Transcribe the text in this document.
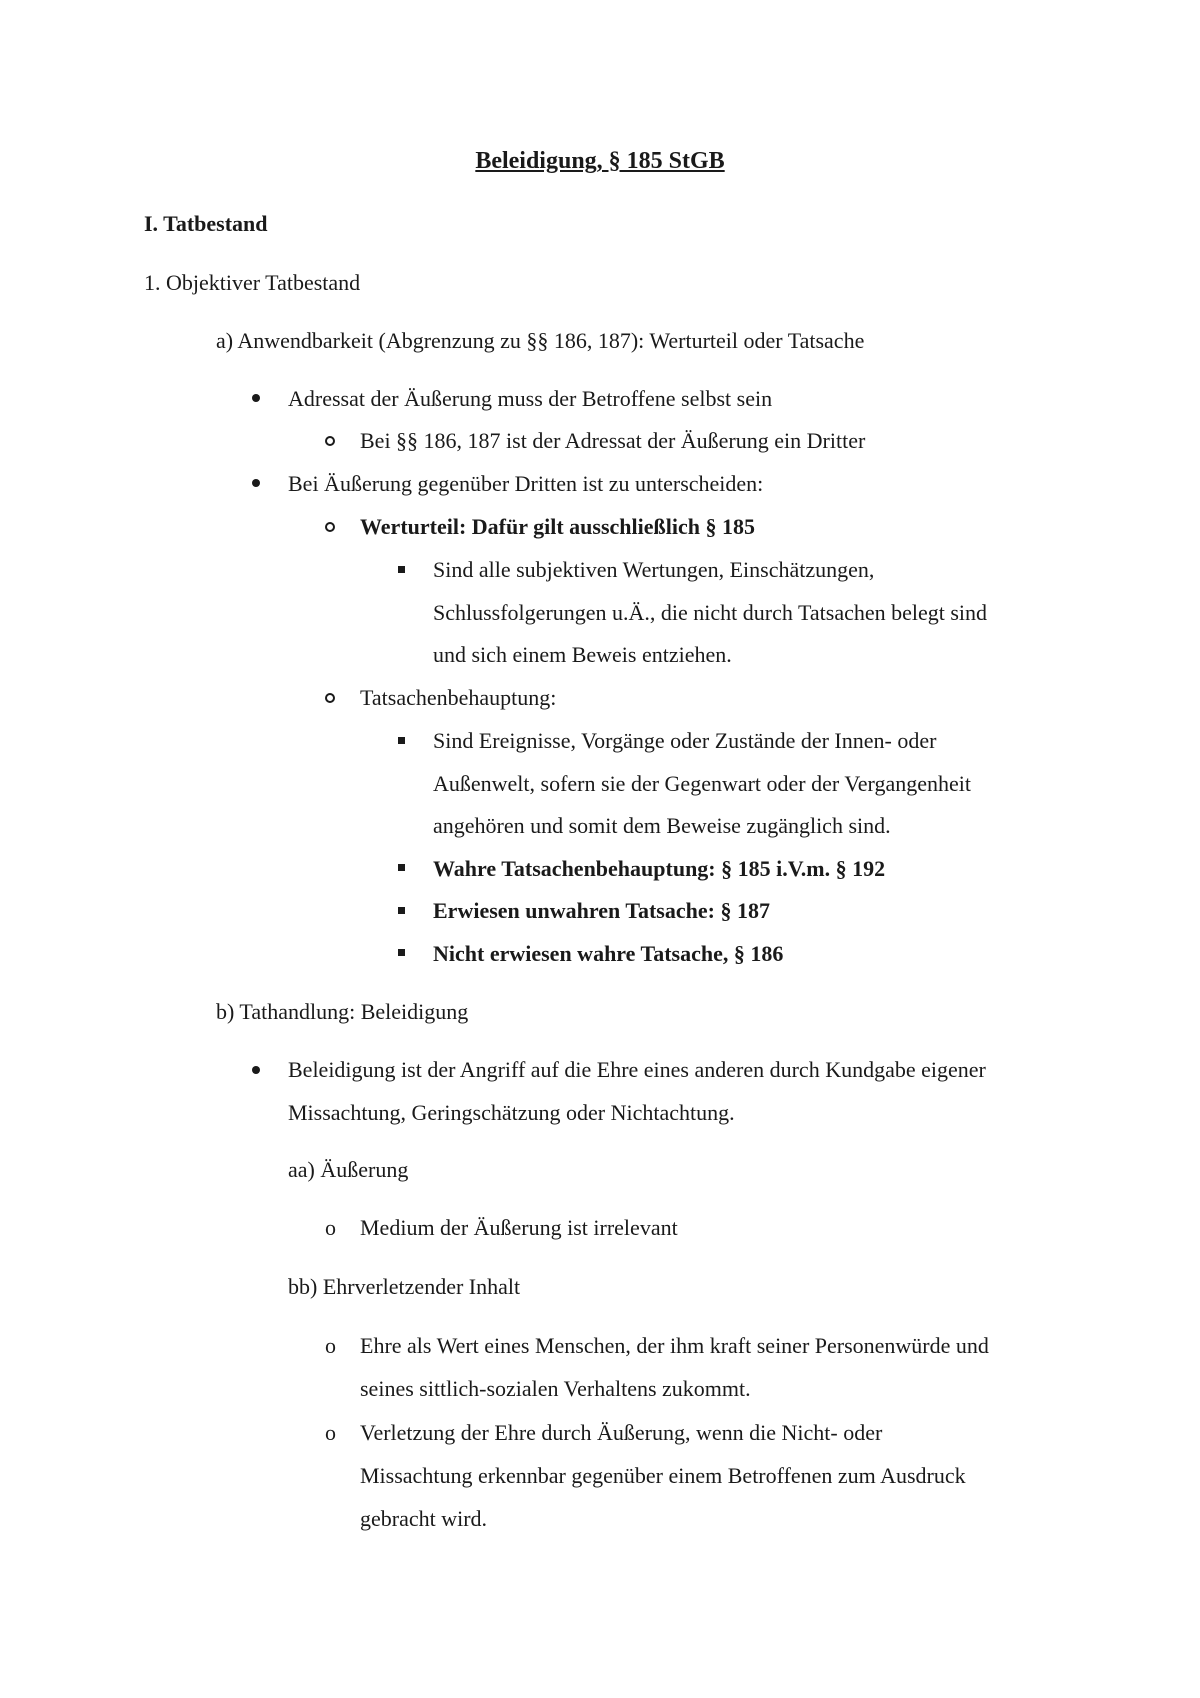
Beleidigung, § 185 StGB
I. Tatbestand
1. Objektiver Tatbestand
a) Anwendbarkeit (Abgrenzung zu §§ 186, 187): Werturteil oder Tatsache
Adressat der Äußerung muss der Betroffene selbst sein
Bei §§ 186, 187 ist der Adressat der Äußerung ein Dritter
Bei Äußerung gegenüber Dritten ist zu unterscheiden:
Werturteil: Dafür gilt ausschließlich § 185
Sind alle subjektiven Wertungen, Einschätzungen,
Schlussfolgerungen u.Ä., die nicht durch Tatsachen belegt sind
und sich einem Beweis entziehen.
Tatsachenbehauptung:
Sind Ereignisse, Vorgänge oder Zustände der Innen- oder
Außenwelt, sofern sie der Gegenwart oder der Vergangenheit
angehören und somit dem Beweise zugänglich sind.
Wahre Tatsachenbehauptung: § 185 i.V.m. § 192
Erwiesen unwahren Tatsache: § 187
Nicht erwiesen wahre Tatsache, § 186
b) Tathandlung: Beleidigung
Beleidigung ist der Angriff auf die Ehre eines anderen durch Kundgabe eigener
Missachtung, Geringschätzung oder Nichtachtung.
aa) Äußerung
o Medium der Äußerung ist irrelevant
bb) Ehrverletzender Inhalt
o Ehre als Wert eines Menschen, der ihm kraft seiner Personenwürde und
seines sittlich-sozialen Verhaltens zukommt.
o Verletzung der Ehre durch Äußerung, wenn die Nicht- oder
Missachtung erkennbar gegenüber einem Betroffenen zum Ausdruck
gebracht wird.
